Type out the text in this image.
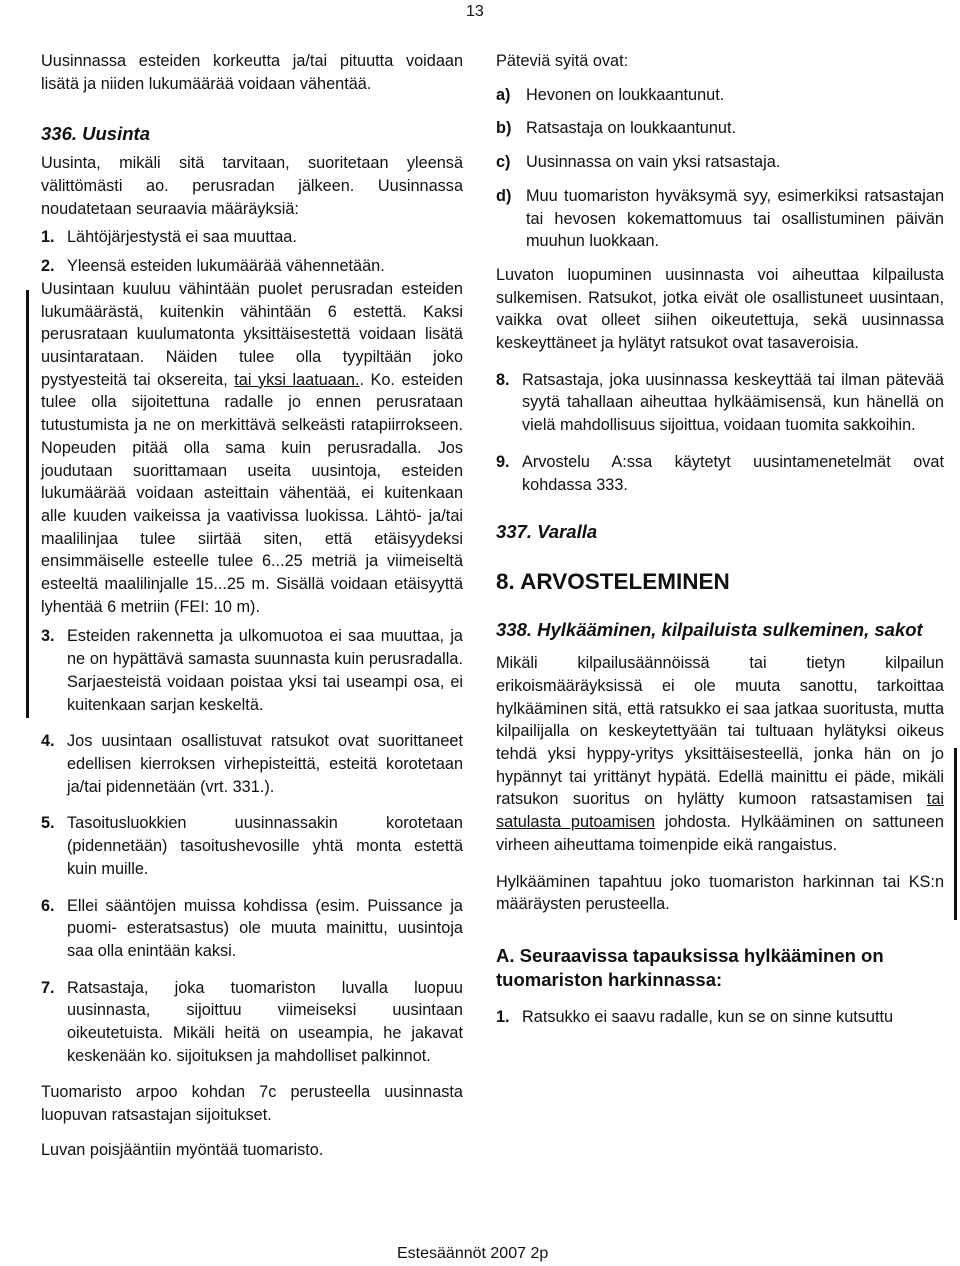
13

Uusinnassa esteiden korkeutta ja/tai pituutta voidaan lisätä ja niiden lukumäärää voidaan vähentää.

336. Uusinta

Uusinta, mikäli sitä tarvitaan, suoritetaan yleensä välittömästi ao. perusradan jälkeen. Uusinnassa noudatetaan seuraavia määräyksiä:

1. Lähtöjärjestystä ei saa muuttaa.
2. Yleensä esteiden lukumäärää vähennetään.

Uusintaan kuuluu vähintään puolet perusradan esteiden lukumäärästä, kuitenkin vähintään 6 estettä. Kaksi perusrataan kuulumatonta yksittäisestettä voidaan lisätä uusintarataan. Näiden tulee olla tyypiltään joko pystyesteitä tai oksereita, tai yksi laatuaan.. Ko. esteiden tulee olla sijoitettuna radalle jo ennen perusrataan tutustumista ja ne on merkittävä selkeästi ratapiirrokseen. Nopeuden pitää olla sama kuin perusradalla. Jos joudutaan suorittamaan useita uusintoja, esteiden lukumäärää voidaan asteittain vähentää, ei kuitenkaan alle kuuden vaikeissa ja vaativissa luokissa. Lähtö- ja/tai maalilinjaa tulee siirtää siten, että etäisyydeksi ensimmäiselle esteelle tulee 6...25 metriä ja viimeiseltä esteeltä maalilinjalle 15...25 m. Sisällä voidaan etäisyyttä lyhentää 6 metriin (FEI: 10 m).

3. Esteiden rakennetta ja ulkomuotoa ei saa muuttaa, ja ne on hypättävä samasta suunnasta kuin perusradalla. Sarjaesteistä voidaan poistaa yksi tai useampi osa, ei kuitenkaan sarjan keskeltä.
4. Jos uusintaan osallistuvat ratsukot ovat suorittaneet edellisen kierroksen virhepisteittä, esteitä korotetaan ja/tai pidennetään (vrt. 331.).
5. Tasoitusluokkien uusinnassakin korotetaan (pidennetään) tasoitushevosille yhtä monta estettä kuin muille.
6. Ellei sääntöjen muissa kohdissa (esim. Puissance ja puomi- esteratsastus) ole muuta mainittu, uusintoja saa olla enintään kaksi.
7. Ratsastaja, joka tuomariston luvalla luopuu uusinnasta, sijoittuu viimeiseksi uusintaan oikeutetuista. Mikäli heitä on useampia, he jakavat keskenään ko. sijoituksen ja mahdolliset palkinnot.

Tuomaristo arpoo kohdan 7c perusteella uusinnasta luopuvan ratsastajan sijoitukset.

Luvan poisjääntiin myöntää tuomaristo.

Päteviä syitä ovat:

a) Hevonen on loukkaantunut.
b) Ratsastaja on loukkaantunut.
c) Uusinnassa on vain yksi ratsastaja.
d) Muu tuomariston hyväksymä syy, esimerkiksi ratsastajan tai hevosen kokemattomuus tai osallistuminen päivän muuhun luokkaan.

Luvaton luopuminen uusinnasta voi aiheuttaa kilpailusta sulkemisen. Ratsukot, jotka eivät ole osallistuneet uusintaan, vaikka ovat olleet siihen oikeutettuja, sekä uusinnassa keskeyttäneet ja hylätyt ratsukot ovat tasaveroisia.

8. Ratsastaja, joka uusinnassa keskeyttää tai ilman pätevää syytä tahallaan aiheuttaa hylkäämisensä, kun hänellä on vielä mahdollisuus sijoittua, voidaan tuomita sakkoihin.
9. Arvostelu A:ssa käytetyt uusintamenetelmät ovat kohdassa 333.

337. Varalla

8. ARVOSTELEMINEN

338. Hylkääminen, kilpailuista sulkeminen, sakot

Mikäli kilpailusäännöissä tai tietyn kilpailun erikoismääräyksissä ei ole muuta sanottu, tarkoittaa hylkääminen sitä, että ratsukko ei saa jatkaa suoritusta, mutta kilpailijalla on keskeytettyään tai tultuaan hylätyksi oikeus tehdä yksi hyppy-yritys yksittäisesteellä, jonka hän on jo hypännyt tai yrittänyt hypätä. Edellä mainittu ei päde, mikäli ratsukon suoritus on hylätty kumoon ratsastamisen tai satulasta putoamisen johdosta. Hylkääminen on sattuneen virheen aiheuttama toimenpide eikä rangaistus.

Hylkääminen tapahtuu joko tuomariston harkinnan tai KS:n määräysten perusteella.

A. Seuraavissa tapauksissa hylkääminen on tuomariston harkinnassa:

1. Ratsukko ei saavu radalle, kun se on sinne kutsuttu
Estesäännöt 2007 2p
